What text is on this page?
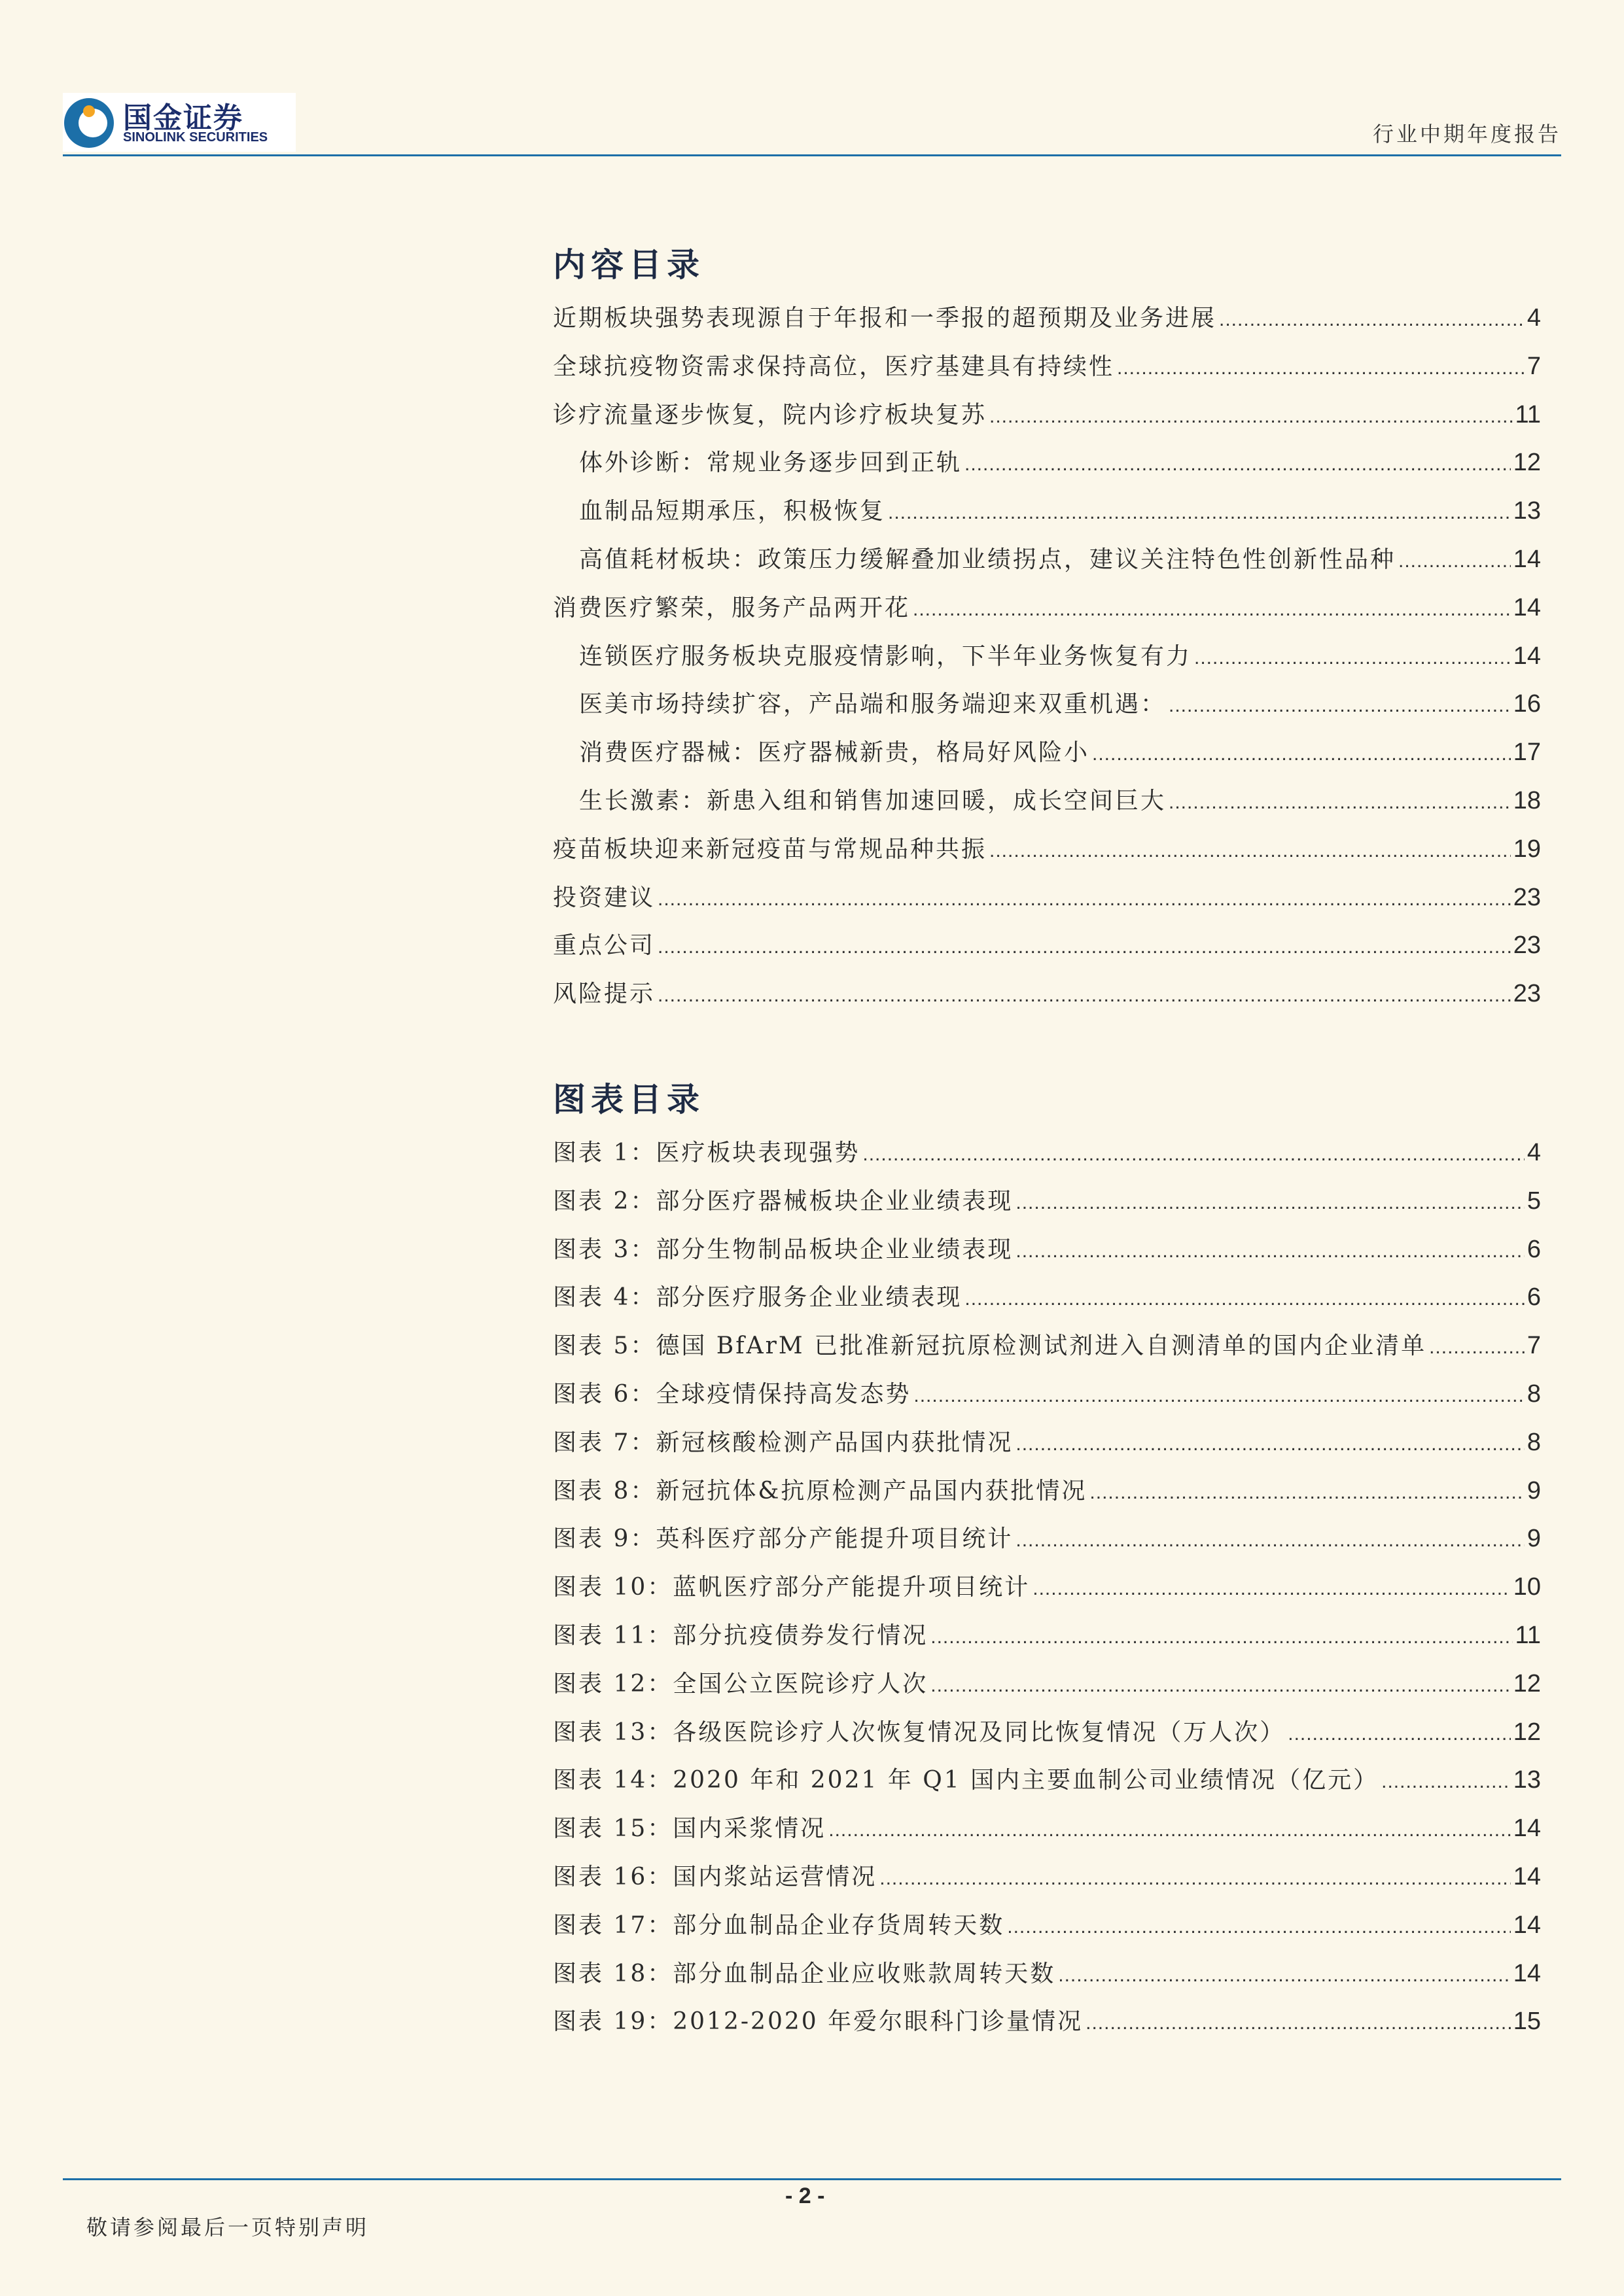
国金证券
SINOLINK SECURITIES	行业中期年度报告
内容目录
近期板块强势表现源自于年报和一季报的超预期及业务进展 .....	4
全球抗疫物资需求保持高位，医疗基建具有持续性 .....	7
诊疗流量逐步恢复，院内诊疗板块复苏 .....	11
体外诊断：常规业务逐步回到正轨 .....	12
血制品短期承压，积极恢复 .....	13
高值耗材板块：政策压力缓解叠加业绩拐点，建议关注特色性创新性品种 .....	14
消费医疗繁荣，服务产品两开花 .....	14
连锁医疗服务板块克服疫情影响，下半年业务恢复有力 .....	14
医美市场持续扩容，产品端和服务端迎来双重机遇： .....	16
消费医疗器械：医疗器械新贵，格局好风险小 .....	17
生长激素：新患入组和销售加速回暖，成长空间巨大 .....	18
疫苗板块迎来新冠疫苗与常规品种共振 .....	19
投资建议 .....	23
重点公司 .....	23
风险提示 .....	23
图表目录
图表 1：医疗板块表现强势 .....	4
图表 2：部分医疗器械板块企业业绩表现 .....	5
图表 3：部分生物制品板块企业业绩表现 .....	6
图表 4：部分医疗服务企业业绩表现 .....	6
图表 5：德国 BfArM 已批准新冠抗原检测试剂进入自测清单的国内企业清单 .....	7
图表 6：全球疫情保持高发态势 .....	8
图表 7：新冠核酸检测产品国内获批情况 .....	8
图表 8：新冠抗体&抗原检测产品国内获批情况 .....	9
图表 9：英科医疗部分产能提升项目统计 .....	9
图表 10：蓝帆医疗部分产能提升项目统计 .....	10
图表 11：部分抗疫债券发行情况 .....	11
图表 12：全国公立医院诊疗人次 .....	12
图表 13：各级医院诊疗人次恢复情况及同比恢复情况（万人次） .....	12
图表 14：2020 年和 2021 年 Q1 国内主要血制公司业绩情况（亿元） .....	13
图表 15：国内采浆情况 .....	14
图表 16：国内浆站运营情况 .....	14
图表 17：部分血制品企业存货周转天数 .....	14
图表 18：部分血制品企业应收账款周转天数 .....	14
图表 19：2012-2020 年爱尔眼科门诊量情况 .....	15
- 2 -
敬请参阅最后一页特别声明
